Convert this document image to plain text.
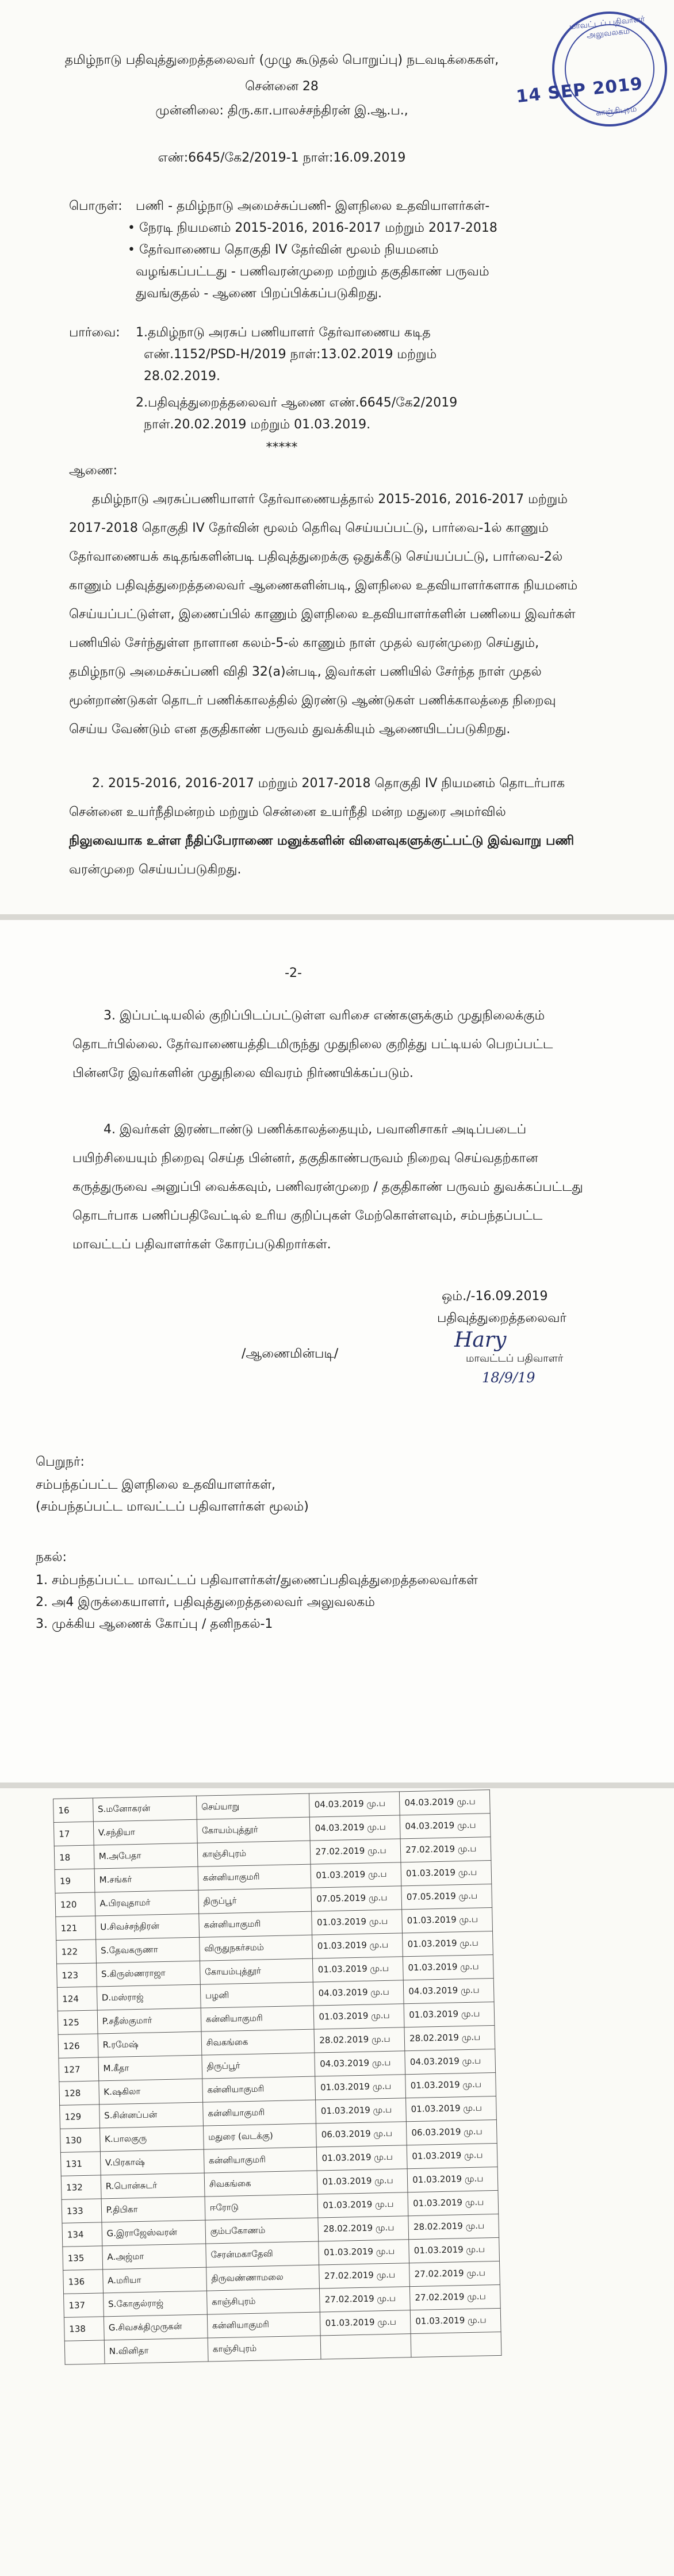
மாவட்டப் பதிவாளர் அலுவலகம்
14 SEP 2019
காஞ்சிபுரம்
தமிழ்நாடு பதிவுத்துறைத்தலைவர் (முழு கூடுதல் பொறுப்பு) நடவடிக்கைகள்,
சென்னை 28
முன்னிலை: திரு.கா.பாலச்சந்திரன் இ.ஆ.ப.,
எண்:6645/கே2/2019-1 நாள்:16.09.2019
பொருள்: பணி - தமிழ்நாடு அமைச்சுப்பணி- இளநிலை உதவியாளர்கள்-
• நேரடி நியமனம் 2015-2016, 2016-2017 மற்றும் 2017-2018
• தேர்வாணைய தொகுதி IV தேர்வின் மூலம் நியமனம்
வழங்கப்பட்டது - பணிவரன்முறை மற்றும் தகுதிகாண் பருவம்
துவங்குதல் - ஆணை பிறப்பிக்கப்படுகிறது.
பார்வை: 1.தமிழ்நாடு அரசுப் பணியாளர் தேர்வாணைய கடித
எண்.1152/PSD-H/2019 நாள்:13.02.2019 மற்றும்
28.02.2019.
2.பதிவுத்துறைத்தலைவர் ஆணை எண்.6645/கே2/2019
நாள்.20.02.2019 மற்றும் 01.03.2019.
*****
ஆணை:
தமிழ்நாடு அரசுப்பணியாளர் தேர்வாணையத்தால் 2015-2016, 2016-2017 மற்றும்
2017-2018 தொகுதி IV தேர்வின் மூலம் தெரிவு செய்யப்பட்டு, பார்வை-1ல் காணும்
தேர்வாணையக் கடிதங்களின்படி பதிவுத்துறைக்கு ஒதுக்கீடு செய்யப்பட்டு, பார்வை-2ல்
காணும் பதிவுத்துறைத்தலைவர் ஆணைகளின்படி, இளநிலை உதவியாளர்களாக நியமனம்
செய்யப்பட்டுள்ள, இணைப்பில் காணும் இளநிலை உதவியாளர்களின் பணியை இவர்கள்
பணியில் சேர்ந்துள்ள நாளான கலம்-5-ல் காணும் நாள் முதல் வரன்முறை செய்தும்,
தமிழ்நாடு அமைச்சுப்பணி விதி 32(a)ன்படி, இவர்கள் பணியில் சேர்ந்த நாள் முதல்
மூன்றாண்டுகள் தொடர் பணிக்காலத்தில் இரண்டு ஆண்டுகள் பணிக்காலத்தை நிறைவு
செய்ய வேண்டும் என தகுதிகாண் பருவம் துவக்கியும் ஆணையிடப்படுகிறது.
2. 2015-2016, 2016-2017 மற்றும் 2017-2018 தொகுதி IV நியமனம் தொடர்பாக
சென்னை உயர்நீதிமன்றம் மற்றும் சென்னை உயர்நீதி மன்ற மதுரை அமர்வில்
நிலுவையாக உள்ள நீதிப்பேராணை மனுக்களின் விளைவுகளுக்குட்பட்டு இவ்வாறு பணி
வரன்முறை செய்யப்படுகிறது.
-2-
3. இப்பட்டியலில் குறிப்பிடப்பட்டுள்ள வரிசை எண்களுக்கும் முதுநிலைக்கும்
தொடர்பில்லை. தேர்வாணையத்திடமிருந்து முதுநிலை குறித்து பட்டியல் பெறப்பட்ட
பின்னரே இவர்களின் முதுநிலை விவரம் நிர்ணயிக்கப்படும்.
4. இவர்கள் இரண்டாண்டு பணிக்காலத்தையும், பவானிசாகர் அடிப்படைப்
பயிற்சியையும் நிறைவு செய்த பின்னர், தகுதிகாண்பருவம் நிறைவு செய்வதற்கான
கருத்துருவை அனுப்பி வைக்கவும், பணிவரன்முறை / தகுதிகாண் பருவம் துவக்கப்பட்டது
தொடர்பாக பணிப்பதிவேட்டில் உரிய குறிப்புகள் மேற்கொள்ளவும், சம்பந்தப்பட்ட
மாவட்டப் பதிவாளர்கள் கோரப்படுகிறார்கள்.
ஒம்./-16.09.2019
பதிவுத்துறைத்தலைவர்
/ஆணைமின்படி/
Hary
மாவட்டப் பதிவாளர்
18/9/19
பெறுநர்:
சம்பந்தப்பட்ட இளநிலை உதவியாளர்கள்,
(சம்பந்தப்பட்ட மாவட்டப் பதிவாளர்கள் மூலம்)
நகல்:
1. சம்பந்தப்பட்ட மாவட்டப் பதிவாளர்கள்/துணைப்பதிவுத்துறைத்தலைவர்கள்
2. அ4 இருக்கையாளர், பதிவுத்துறைத்தலைவர் அலுவலகம்
3. முக்கிய ஆணைக் கோப்பு / தனிநகல்-1
16	S.மனோகரன்	செய்யாறு	04.03.2019 மு.ப	04.03.2019 மு.ப
17	V.சந்தியா	கோயம்புத்தூர்	04.03.2019 மு.ப	04.03.2019 மு.ப
18	M.அபேதா	காஞ்சிபுரம்	27.02.2019 மு.ப	27.02.2019 மு.ப
19	M.சங்கர்	கன்னியாகுமரி	01.03.2019 மு.ப	01.03.2019 மு.ப
120	A.பிரவுதாமர்	திருப்பூர்	07.05.2019 மு.ப	07.05.2019 மு.ப
121	U.சிவச்சந்திரன்	கன்னியாகுமரி	01.03.2019 மு.ப	01.03.2019 மு.ப
122	S.தேவகருணா	விருதுநகர்சமம்	01.03.2019 மு.ப	01.03.2019 மு.ப
123	S.கிருஸ்ணராஜா	கோயம்புத்தூர்	01.03.2019 மு.ப	01.03.2019 மு.ப
124	D.மஸ்ராஜ்	பழனி	04.03.2019 மு.ப	04.03.2019 மு.ப
125	P.சதீஸ்குமார்	கன்னியாகுமரி	01.03.2019 மு.ப	01.03.2019 மு.ப
126	R.ரமேஷ்	சிவகங்கை	28.02.2019 மு.ப	28.02.2019 மு.ப
127	M.கீதா	திருப்பூர்	04.03.2019 மு.ப	04.03.2019 மு.ப
128	K.ஷகிலா	கன்னியாகுமரி	01.03.2019 மு.ப	01.03.2019 மு.ப
129	S.சின்னப்பன்	கன்னியாகுமரி	01.03.2019 மு.ப	01.03.2019 மு.ப
130	K.பாலகுரு	மதுரை (வடக்கு)	06.03.2019 மு.ப	06.03.2019 மு.ப
131	V.பிரகாஷ்	கன்னியாகுமரி	01.03.2019 மு.ப	01.03.2019 மு.ப
132	R.பொன்சுடர்	சிவகங்கை	01.03.2019 மு.ப	01.03.2019 மு.ப
133	P.திபிகா	ஈரோடு	01.03.2019 மு.ப	01.03.2019 மு.ப
134	G.இராஜேஸ்வரன்	கும்பகோணம்	28.02.2019 மு.ப	28.02.2019 மு.ப
135	A.அஜ்மா	சேரன்மகாதேவி	01.03.2019 மு.ப	01.03.2019 மு.ப
136	A.மரியா	திருவண்ணாமலை	27.02.2019 மு.ப	27.02.2019 மு.ப
137	S.கோகுல்ராஜ்	காஞ்சிபுரம்	27.02.2019 மு.ப	27.02.2019 மு.ப
138	G.சிவசக்திமுருகன்	கன்னியாகுமரி	01.03.2019 மு.ப	01.03.2019 மு.ப
	N.வினிதா	காஞ்சிபுரம்		
